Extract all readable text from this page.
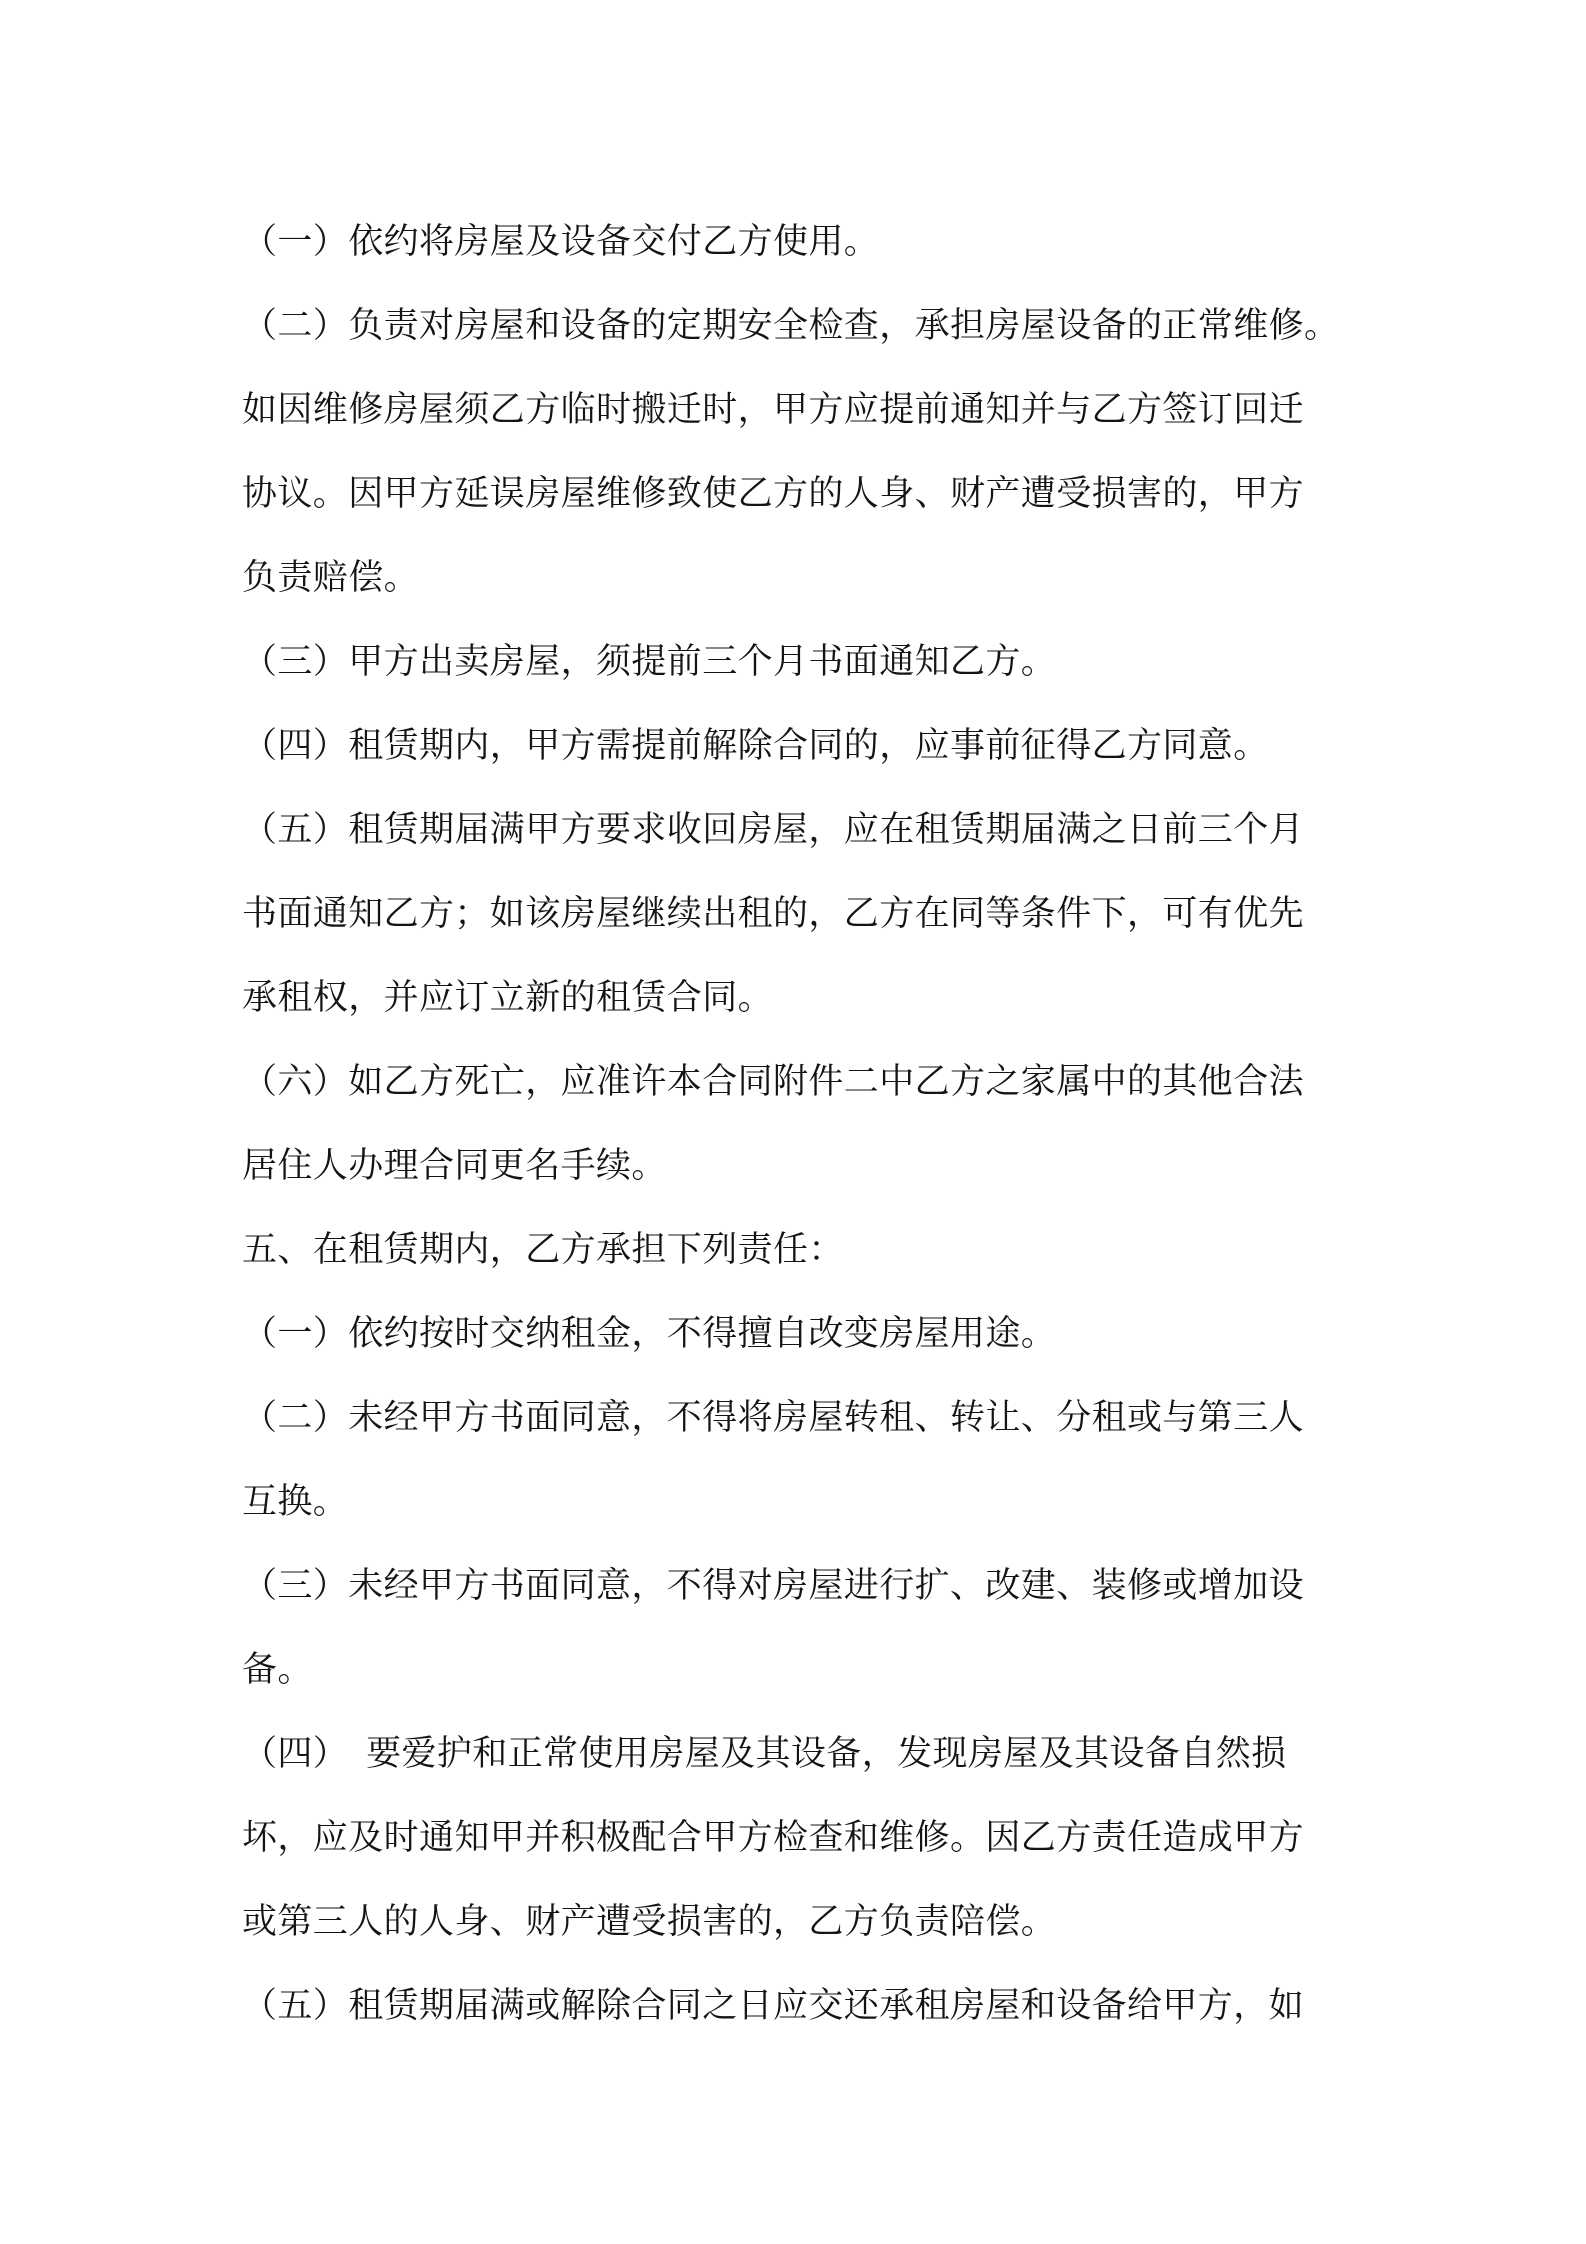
（一）依约将房屋及设备交付乙方使用。
（二）负责对房屋和设备的定期安全检查，承担房屋设备的正常维修。
如因维修房屋须乙方临时搬迁时，甲方应提前通知并与乙方签订回迁
协议。因甲方延误房屋维修致使乙方的人身、财产遭受损害的，甲方
负责赔偿。
（三）甲方出卖房屋，须提前三个月书面通知乙方。
（四）租赁期内，甲方需提前解除合同的，应事前征得乙方同意。
（五）租赁期届满甲方要求收回房屋，应在租赁期届满之日前三个月
书面通知乙方；如该房屋继续出租的，乙方在同等条件下，可有优先
承租权，并应订立新的租赁合同。
（六）如乙方死亡，应准许本合同附件二中乙方之家属中的其他合法
居住人办理合同更名手续。
五、在租赁期内，乙方承担下列责任：
（一）依约按时交纳租金，不得擅自改变房屋用途。
（二）未经甲方书面同意，不得将房屋转租、转让、分租或与第三人
互换。
（三）未经甲方书面同意，不得对房屋进行扩、改建、装修或增加设
备。
（四）　要爱护和正常使用房屋及其设备，发现房屋及其设备自然损
坏，应及时通知甲并积极配合甲方检查和维修。因乙方责任造成甲方
或第三人的人身、财产遭受损害的，乙方负责陪偿。
（五）租赁期届满或解除合同之日应交还承租房屋和设备给甲方，如
